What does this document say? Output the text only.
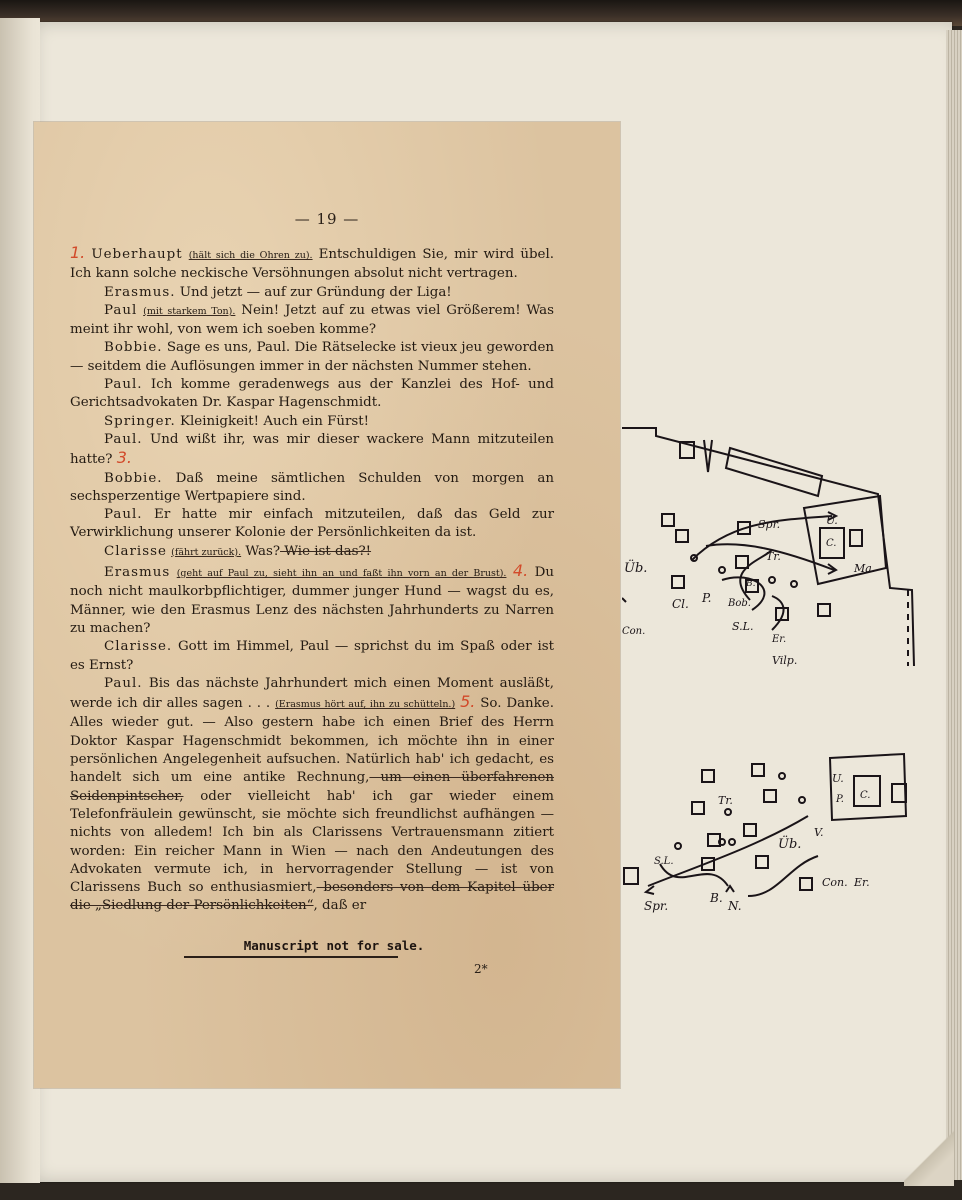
— 19 —

1. Ueberhaupt (hält sich die Ohren zu). Entschuldigen Sie, mir wird übel. Ich kann solche neckische Versöhnungen absolut nicht vertragen.

Erasmus. Und jetzt — auf zur Gründung der Liga!

Paul (mit starkem Ton). Nein! Jetzt auf zu etwas viel Größerem! Was meint ihr wohl, von wem ich soeben komme?

Bobbie. Sage es uns, Paul. Die Rätselecke ist vieux jeu geworden — seitdem die Auflösungen immer in der nächsten Nummer stehen.

Paul. Ich komme geradenwegs aus der Kanzlei des Hof- und Gerichtsadvokaten Dr. Kaspar Hagenschmidt.

Springer. Kleinigkeit! Auch ein Fürst!

Paul. Und wißt ihr, was mir dieser wackere Mann mitzuteilen hatte? 3.

Bobbie. Daß meine sämtlichen Schulden von morgen an sechsperzentige Wertpapiere sind.

Paul. Er hatte mir einfach mitzuteilen, daß das Geld zur Verwirklichung unserer Kolonie der Persönlichkeiten da ist.

Clarisse (fährt zurück). Was? Wie ist das?!

Erasmus (geht auf Paul zu, sieht ihn an und faßt ihn vorn an der Brust). 4. Du noch nicht maulkorbpflichtiger, dummer junger Hund — wagst du es, Männer, wie den Erasmus Lenz des nächsten Jahrhunderts zu Narren zu machen?

Clarisse. Gott im Himmel, Paul — sprichst du im Spaß oder ist es Ernst?

Paul. Bis das nächste Jahrhundert mich einen Moment ausläßt, werde ich dir alles sagen . . . (Erasmus hört auf, ihn zu schütteln.) 5. So. Danke. Alles wieder gut. — Also gestern habe ich einen Brief des Herrn Doktor Kaspar Hagenschmidt bekommen, ich möchte ihn in einer persönlichen Angelegenheit aufsuchen. Natürlich hab' ich gedacht, es handelt sich um eine antike Rechnung, um einen überfahrenen Seidenpintscher, oder vielleicht hab' ich gar wieder einem Telefonfräulein gewünscht, sie möchte sich freundlichst aufhängen — nichts von alledem! Ich bin als Clarissens Vertrauensmann zitiert worden: Ein reicher Mann in Wien — nach den Andeutungen des Advokaten vermute ich, in hervorragender Stellung — ist von Clarissens Buch so enthusiasmiert, besonders von dem Kapitel über die „Siedlung der Persönlichkeiten“, daß er

Manuscript not for sale.
2*
Spr.	U.
C.
Ma.
Tr.
Üb.
Cl. P.
B.
Bob.
S.L.
Er.
Vilp.
Con.
U.
P. C.
Tr.
Üb.
V.
S.L.
Spr.
B.
N.
Con. Er.
